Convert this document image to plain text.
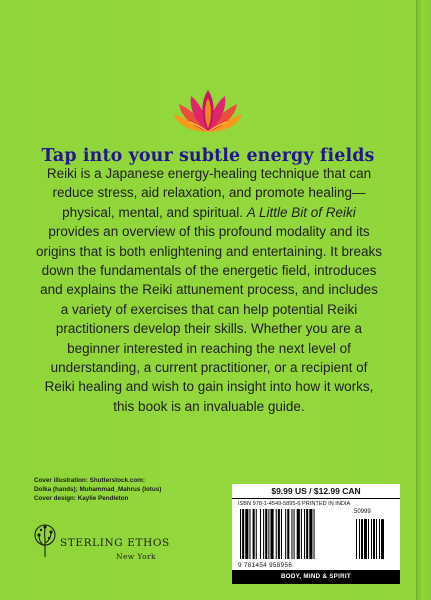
Tap into your subtle energy fields
Reiki is a Japanese energy-healing technique that can reduce stress, aid relaxation, and promote healing—physical, mental, and spiritual. A Little Bit of Reiki provides an overview of this profound modality and its origins that is both enlightening and entertaining. It breaks down the fundamentals of the energetic field, introduces and explains the Reiki attunement process, and includes a variety of exercises that can help potential Reiki practitioners develop their skills. Whether you are a beginner interested in reaching the next level of understanding, a current practitioner, or a recipient of Reiki healing and wish to gain insight into how it works, this book is an invaluable guide.
Cover illustration: Shutterstock.com:
Dolka (hands); Muhammad_Mahrus (lotus)
Cover design: Kaylie Pendleton
STERLING ETHOS
New York
$9.99 US / $12.99 CAN
ISBN 978-1-4549-5895-6 PRINTED IN INDIA
50999
9 781454 958956
BODY, MIND & SPIRIT
